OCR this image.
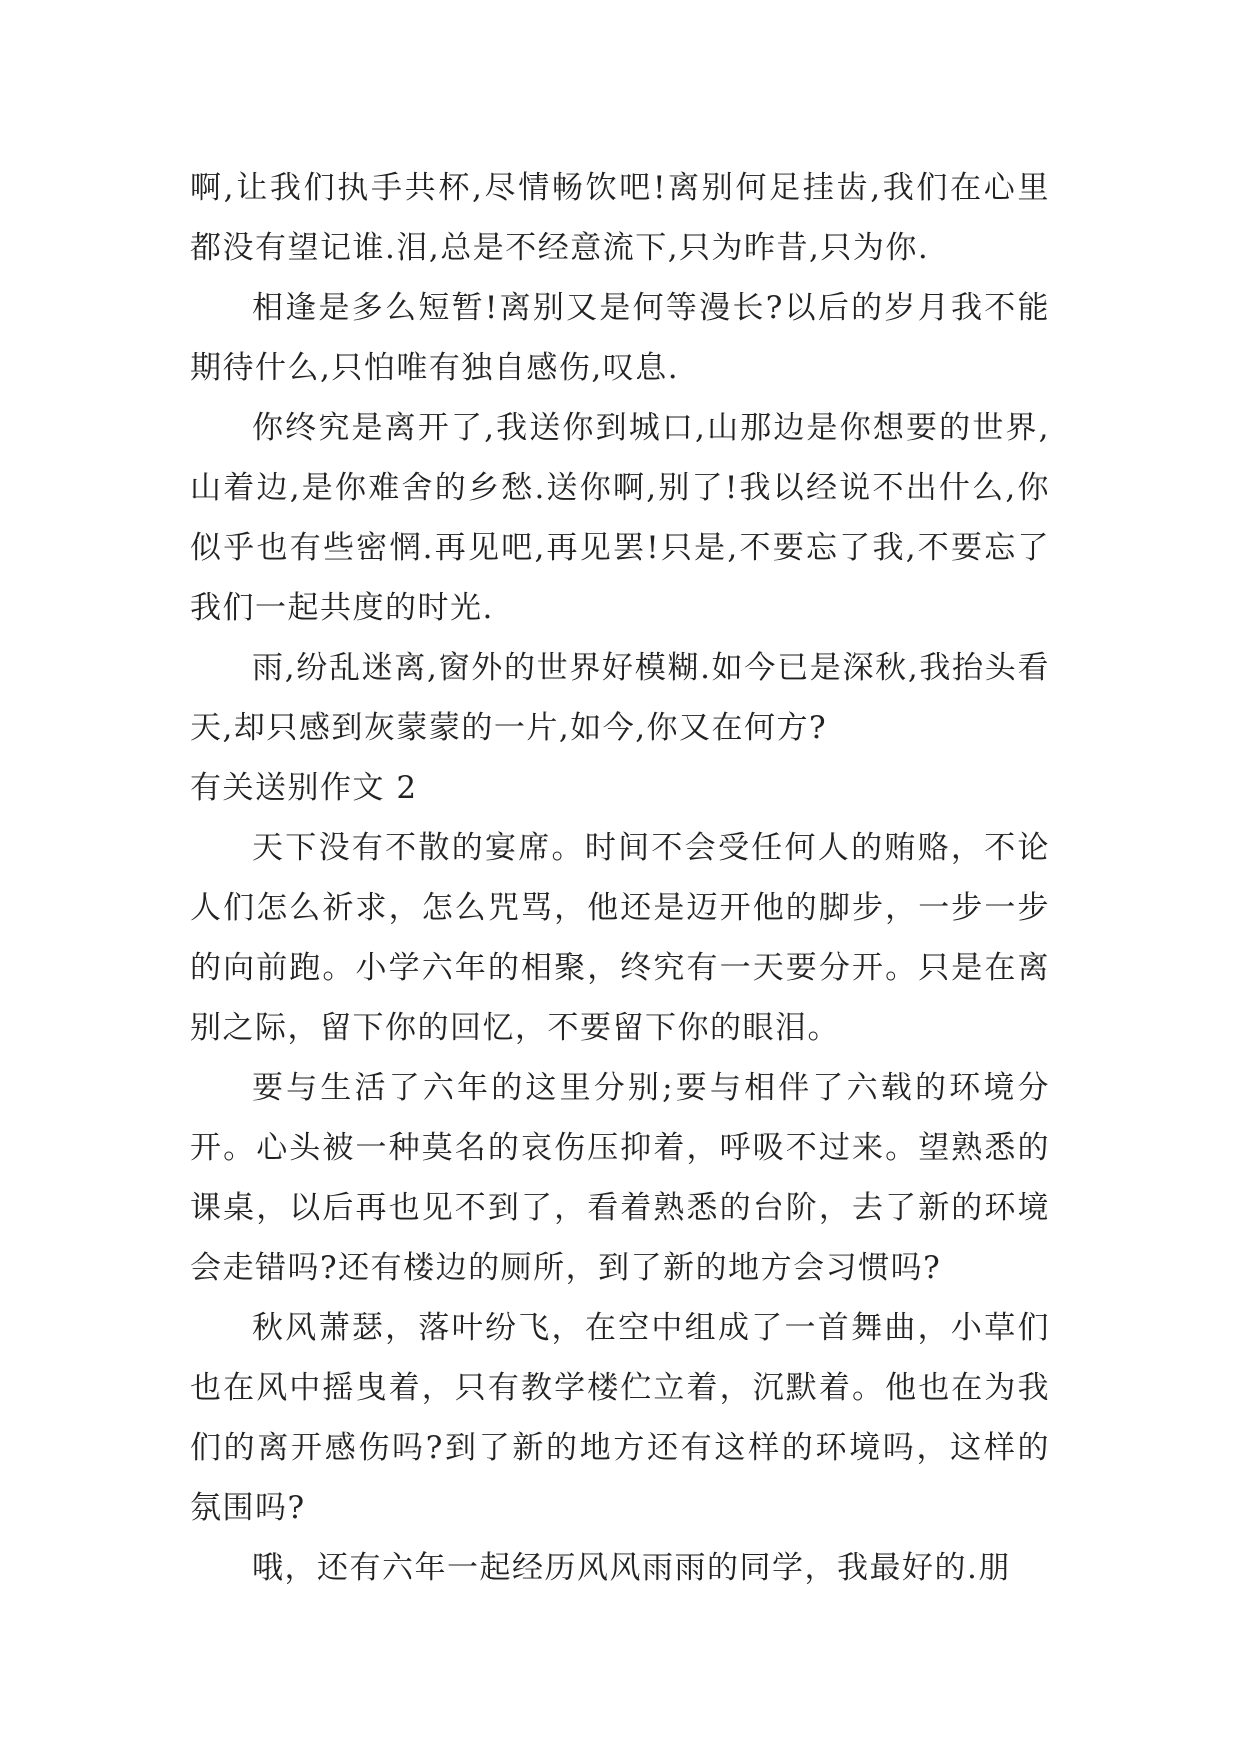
啊,让我们执手共杯,尽情畅饮吧!离别何足挂齿,我们在心里都没有望记谁.泪,总是不经意流下,只为昨昔,只为你.

相逢是多么短暂!离别又是何等漫长?以后的岁月我不能期待什么,只怕唯有独自感伤,叹息.

你终究是离开了,我送你到城口,山那边是你想要的世界,山着边,是你难舍的乡愁.送你啊,别了!我以经说不出什么,你似乎也有些密惘.再见吧,再见罢!只是,不要忘了我,不要忘了我们一起共度的时光.

雨,纷乱迷离,窗外的世界好模糊.如今已是深秋,我抬头看天,却只感到灰蒙蒙的一片,如今,你又在何方?

有关送别作文 2

天下没有不散的宴席。时间不会受任何人的贿赂，不论人们怎么祈求，怎么咒骂，他还是迈开他的脚步，一步一步的向前跑。小学六年的相聚，终究有一天要分开。只是在离别之际，留下你的回忆，不要留下你的眼泪。

要与生活了六年的这里分别;要与相伴了六载的环境分开。心头被一种莫名的哀伤压抑着，呼吸不过来。望熟悉的课桌，以后再也见不到了，看着熟悉的台阶，去了新的环境会走错吗?还有楼边的厕所，到了新的地方会习惯吗?

秋风萧瑟，落叶纷飞，在空中组成了一首舞曲，小草们也在风中摇曳着，只有教学楼伫立着，沉默着。他也在为我们的离开感伤吗?到了新的地方还有这样的环境吗，这样的氛围吗?

哦，还有六年一起经历风风雨雨的同学，我最好的.朋
